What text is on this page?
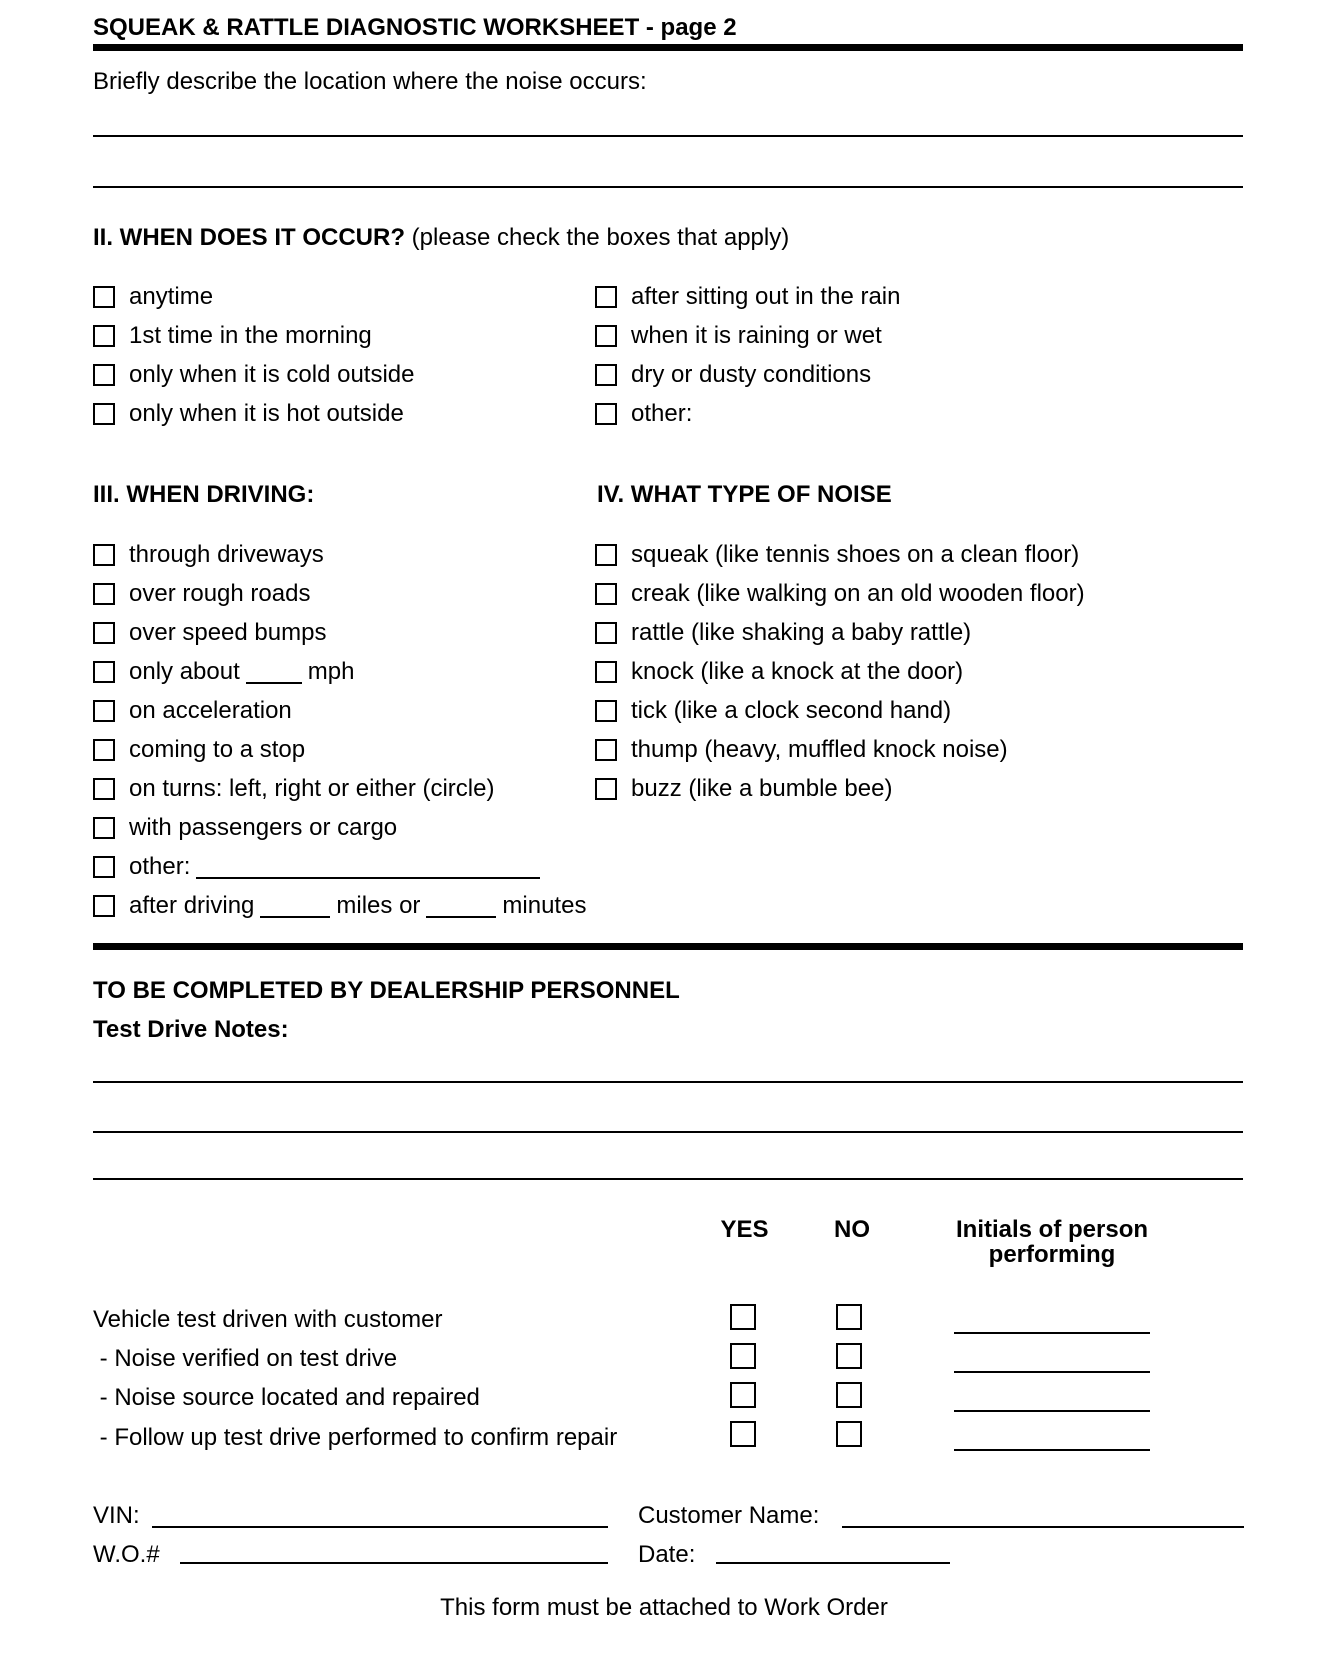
SQUEAK & RATTLE DIAGNOSTIC WORKSHEET - page 2
Briefly describe the location where the noise occurs:
II. WHEN DOES IT OCCUR? (please check the boxes that apply)
anytime
1st time in the morning
only when it is cold outside
only when it is hot outside
after sitting out in the rain
when it is raining or wet
dry or dusty conditions
other:
III. WHEN DRIVING:	IV. WHAT TYPE OF NOISE
through driveways
over rough roads
over speed bumps
only about	mph
on acceleration
coming to a stop
on turns: left, right or either (circle)
with passengers or cargo
other:
after driving	miles or	minutes
squeak (like tennis shoes on a clean floor)
creak (like walking on an old wooden floor)
rattle (like shaking a baby rattle)
knock (like a knock at the door)
tick (like a clock second hand)
thump (heavy, muffled knock noise)
buzz (like a bumble bee)
TO BE COMPLETED BY DEALERSHIP PERSONNEL
Test Drive Notes:
YES	NO	Initials of person
performing
Vehicle test driven with customer
- Noise verified on test drive
- Noise source located and repaired
- Follow up test drive performed to confirm repair
VIN:
W.O.#
Customer Name:
Date:
This form must be attached to Work Order
